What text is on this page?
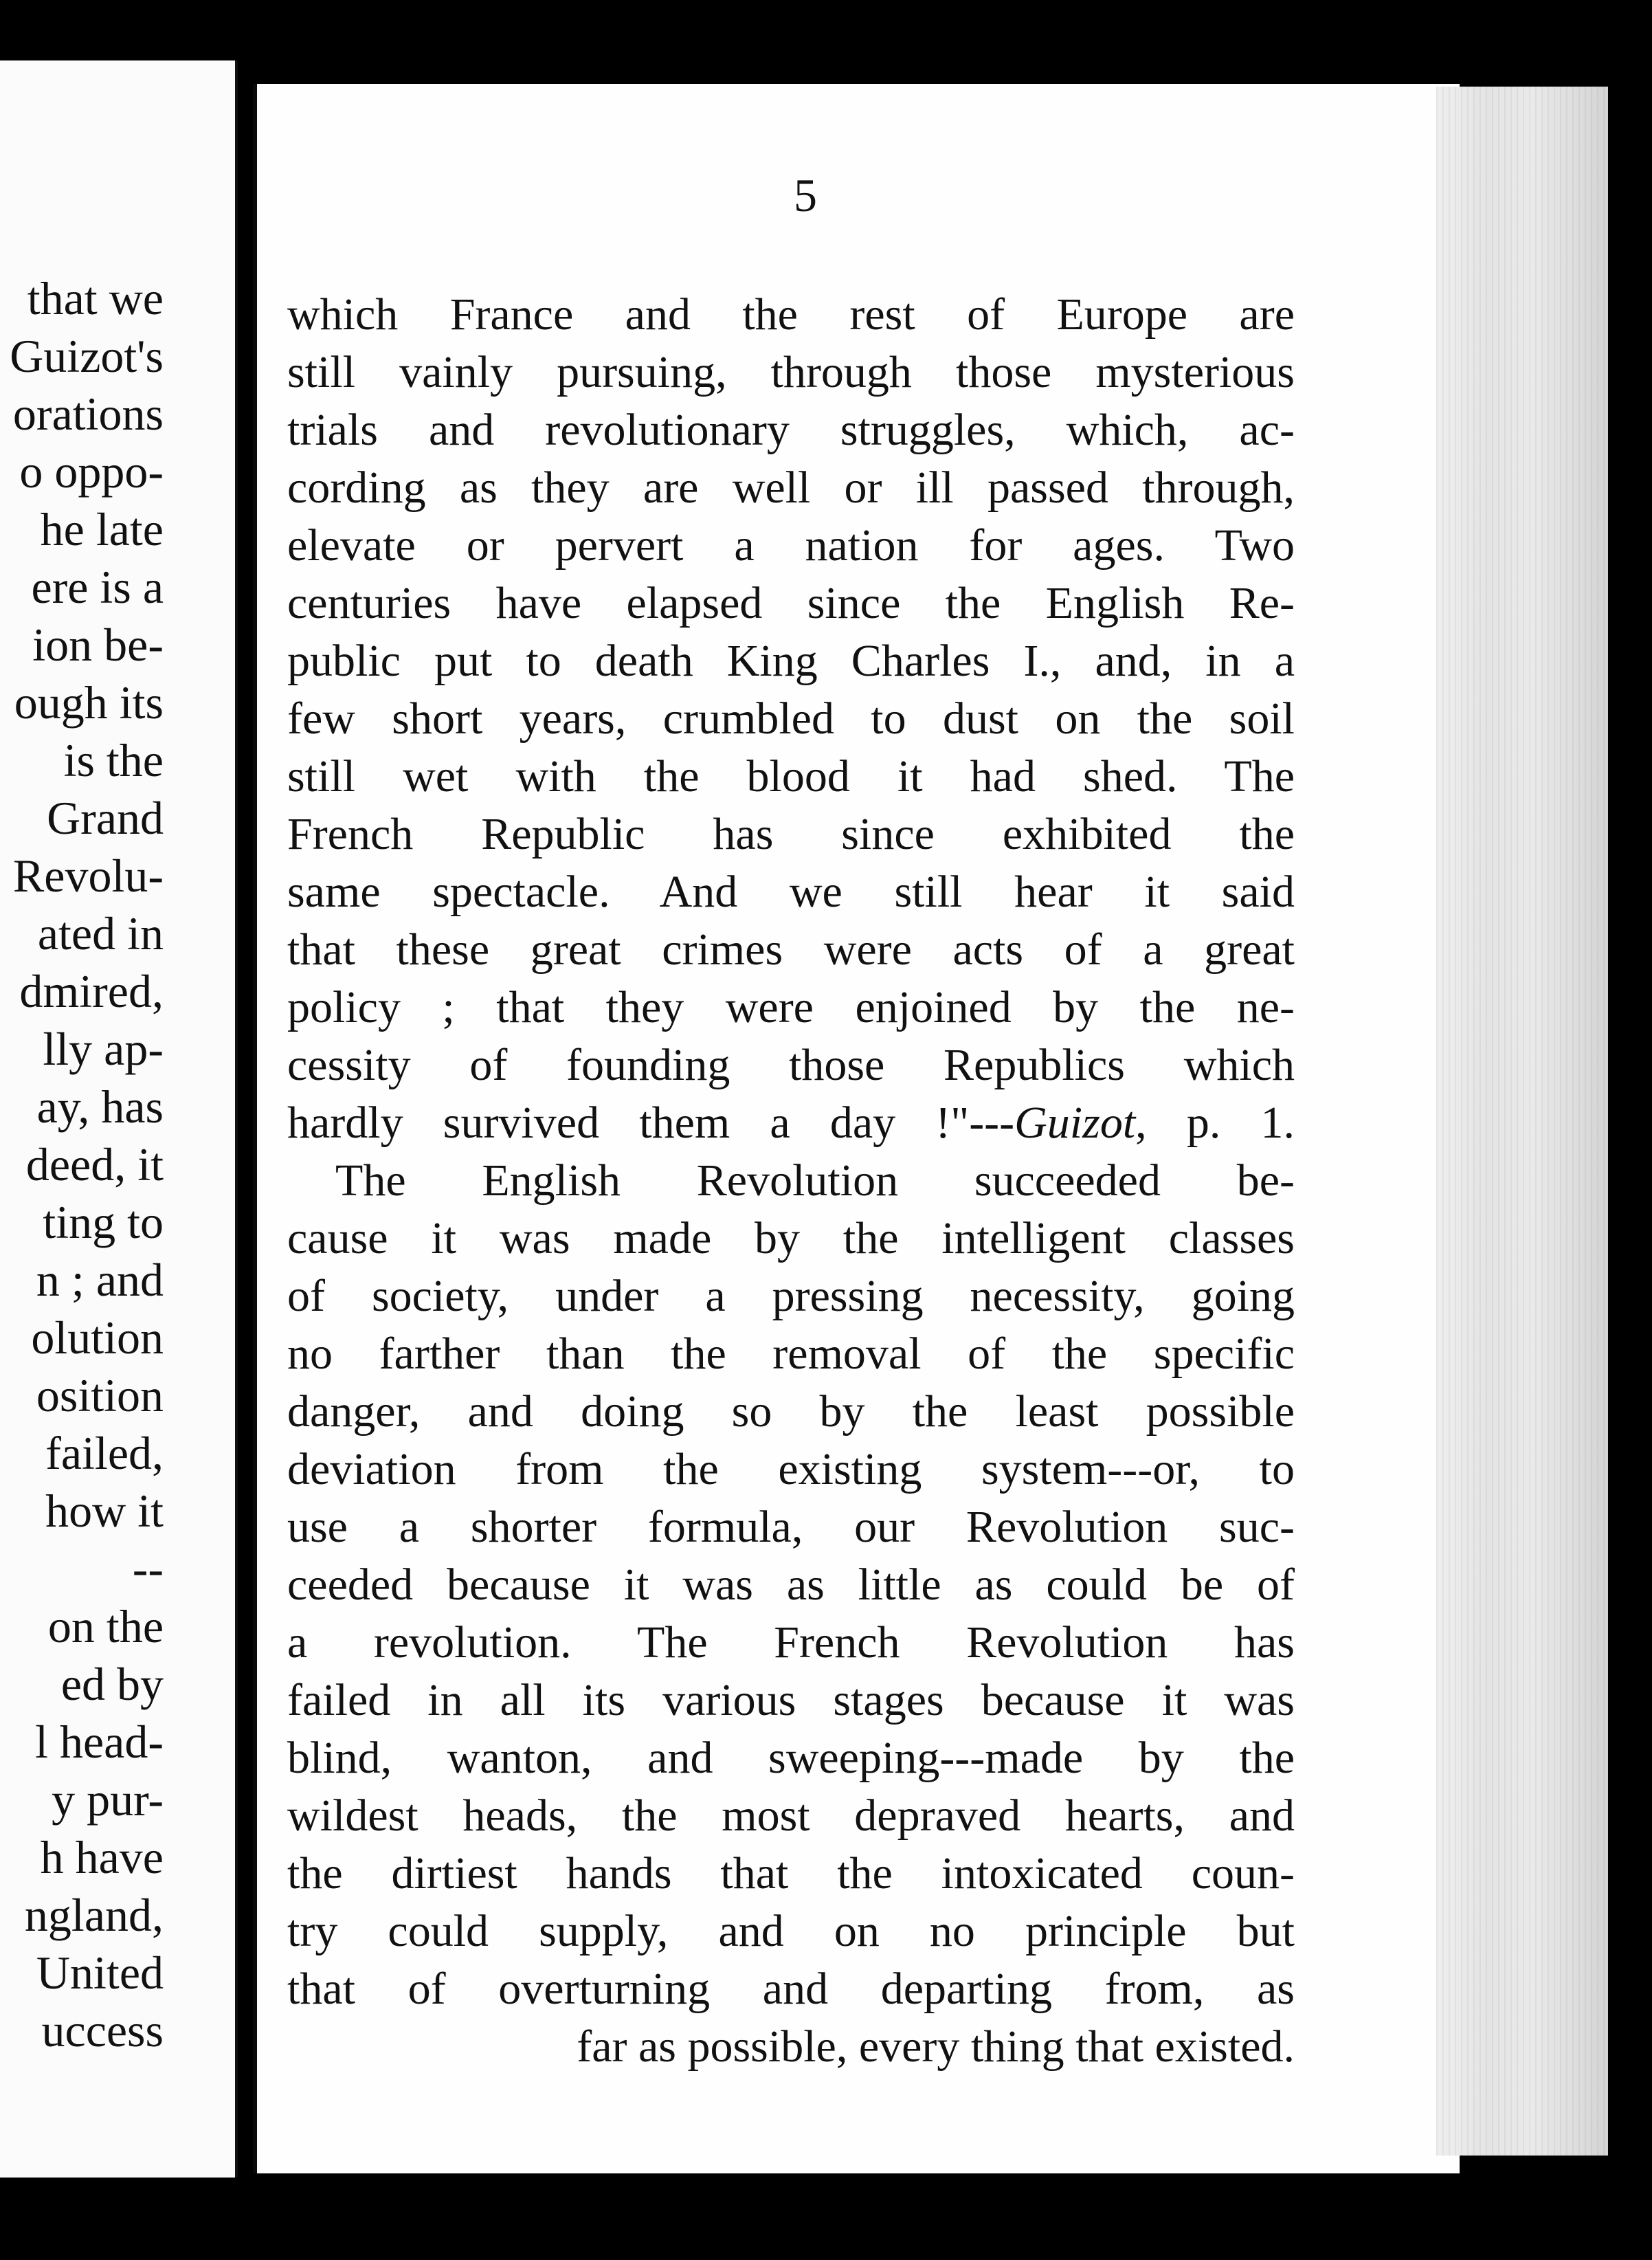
that we
Guizot's
orations
o oppo-
he late
ere is a
ion be-
ough its
is the
Grand
Revolu-
ated in
dmired,
lly ap-
ay, has
deed, it
ting to
n ; and
olution
osition
failed,
how it
--
on the
ed by
l head-
y pur-
h have
ngland,
United
uccess
5
which France and the rest of Europe are
still vainly pursuing, through those mysterious
trials and revolutionary struggles, which, ac-
cording as they are well or ill passed through,
elevate or pervert a nation for ages. Two
centuries have elapsed since the English Re-
public put to death King Charles I., and, in a
few short years, crumbled to dust on the soil
still wet with the blood it had shed. The
French Republic has since exhibited the
same spectacle. And we still hear it said
that these great crimes were acts of a great
policy ; that they were enjoined by the ne-
cessity of founding those Republics which
hardly survived them a day !"---Guizot, p. 1.
The English Revolution succeeded be-
cause it was made by the intelligent classes
of society, under a pressing necessity, going
no farther than the removal of the specific
danger, and doing so by the least possible
deviation from the existing system---or, to
use a shorter formula, our Revolution suc-
ceeded because it was as little as could be of
a revolution. The French Revolution has
failed in all its various stages because it was
blind, wanton, and sweeping---made by the
wildest heads, the most depraved hearts, and
the dirtiest hands that the intoxicated coun-
try could supply, and on no principle but
that of overturning and departing from, as
far as possible, every thing that existed.
